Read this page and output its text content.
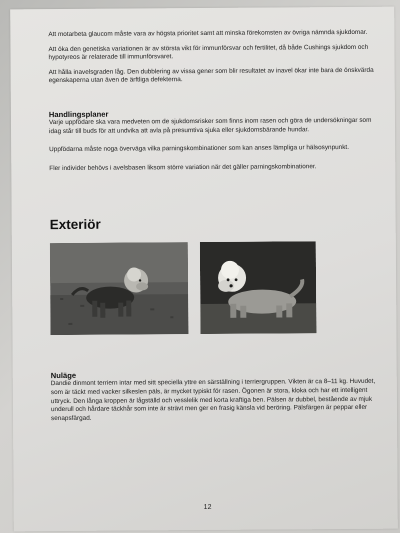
Att motarbeta glaucom måste vara av högsta prioritet samt att minska förekomsten av övriga nämnda sjukdomar.

Att öka den genetiska variationen är av största vikt för immunförsvar och fertilitet, då både Cushings sjukdom och hypotyreos är relaterade till immunförsvaret.

Att hålla inavelsgraden låg. Den dubblering av vissa gener som blir resultatet av inavel ökar inte bara de önskvärda egenskaperna utan även de ärftliga defekterna.

Handlingsplaner

Varje uppfödare ska vara medveten om de sjukdomsrisker som finns inom rasen och göra de undersökningar som idag står till buds för att undvika att avla på presumtiva sjuka eller sjukdomsbärande hundar.

Uppfödarna måste noga överväga vilka parningskombinationer som kan anses lämpliga ur hälsosynpunkt.

Fler individer behövs i avelsbasen liksom större variation när det gäller parningskombinationer.

Exteriör
Nuläge

Dandie dinmont terriern intar med sitt speciella yttre en särställning i terriergruppen. Vikten är ca 8–11 kg. Huvudet, som är täckt med vacker silkeslen päls, är mycket typiskt för rasen. Ögonen är stora, kloka och har ett intelligent uttryck. Den långa kroppen är lågställd och vesslelik med korta kraftiga ben. Pälsen är dubbel, bestående av mjuk underull och hårdare täckhår som inte är strävt men ger en frasig känsla vid beröring. Pälsfärgen är peppar eller senapsfärgad.

12
